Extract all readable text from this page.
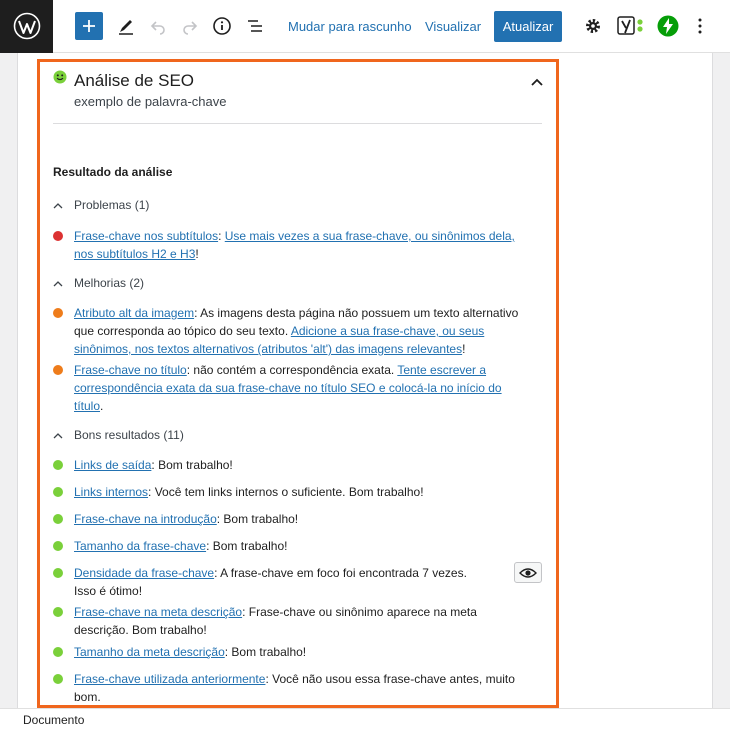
Mudar para rascunho Visualizar	Atualizar
Análise de SEO
exemplo de palavra-chave
Resultado da análise
Problemas (1)
Melhorias (2)
Bons resultados (11)
Frase-chave nos subtítulos: Use mais vezes a sua frase-chave, ou sinônimos dela, nos subtítulos H2 e H3!
Atributo alt da imagem: As imagens desta página não possuem um texto alternativo que corresponda ao tópico do seu texto. Adicione a sua frase-chave, ou seus sinônimos, nos textos alternativos (atributos 'alt') das imagens relevantes!
Frase-chave no título: não contém a correspondência exata. Tente escrever a correspondência exata da sua frase-chave no título SEO e colocá-la no início do título.
Links de saída: Bom trabalho!
Links internos: Você tem links internos o suficiente. Bom trabalho!
Frase-chave na introdução: Bom trabalho!
Tamanho da frase-chave: Bom trabalho!
Densidade da frase-chave: A frase-chave em foco foi encontrada 7 vezes. Isso é ótimo!
Frase-chave na meta descrição: Frase-chave ou sinônimo aparece na meta descrição. Bom trabalho!
Tamanho da meta descrição: Bom trabalho!
Frase-chave utilizada anteriormente: Você não usou essa frase-chave antes, muito bom.
Documento
